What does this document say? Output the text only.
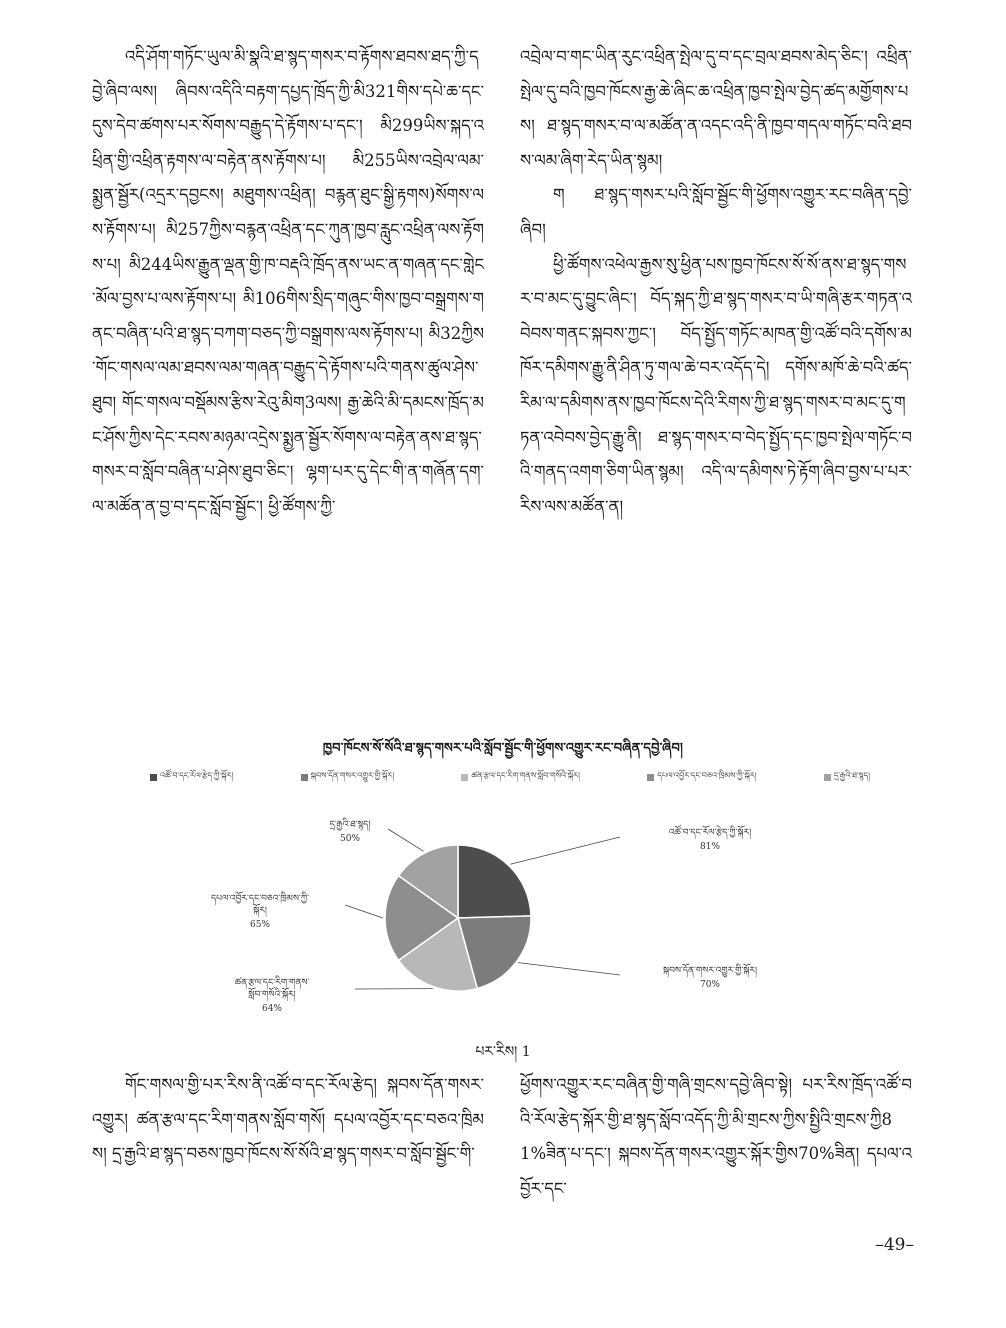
འདི་ཤོག་གཏོང་ཡུལ་མི་སྣའི་ཐ་སྙད་གསར་བ་རྟོགས་ཐབས་ཐད་ཀྱི་དབྱེ་ཞིབ་ལས། ཞིབས་འདིའི་བརྟག་དཔྱད་ཁྲོད་ཀྱི་མི321གིས་དཔེ་ཆ་དང་དུས་དེབ་ཚགས་པར་སོགས་བརྒྱུད་དེ་རྟོགས་པ་དང་། མི299ཡིས་སྐད་འཕྲིན་གྱི་འཕྲིན་རྟགས་ལ་བརྟེན་ནས་རྟོགས་པ། མི255ཡིས་འབྲེལ་ལམ་སྨྱན་སྦྱོར(འདྲར་དབྱངས། མཐུགས་འཕྲིན། བརྙན་ཐུང་སྒྱི་རྟགས)སོགས་ལས་རྟོགས་པ། མི257ཀྱིས་བརྙན་འཕྲིན་དང་ཀུན་ཁྱབ་རླུང་འཕྲིན་ལས་རྟོགས་པ། མི244ཡིས་རྒྱུན་ལྡན་གྱི་ཁ་བརྡའི་ཁྲོད་ནས་ཡང་ན་གཞན་དང་གླེང་མོལ་བྱས་པ་ལས་རྟོགས་པ། མི106གིས་སྲིད་གཞུང་གིས་ཁྱབ་བསྒྲགས་གནང་བཞིན་པའི་ཐ་སྙད་བཀག་བཅད་ཀྱི་བསྒྲགས་ལས་རྟོགས་པ། མི32ཀྱིས་གོང་གསལ་ལམ་ཐབས་ལམ་གཞན་བརྒྱུད་དེ་རྟོགས་པའི་གནས་ཚུལ་ཤེས་ཐུབ། གོང་གསལ་བསྡོམས་རྩིས་རེའུ་མིག3ལས། རྒྱ་ཆེའི་མི་དམངས་ཁྲོད་མང་ཤོས་ཀྱིས་དེང་རབས་མཉམ་འདྲེས་སྨྱན་སྦྱོར་སོགས་ལ་བརྟེན་ནས་ཐ་སྙད་གསར་བ་སློབ་བཞིན་པ་ཤེས་ཐུབ་ཅིང་། ལྷག་པར་དུ་དེང་གི་ན་གཞོན་དག་ལ་མཚོན་ན་བྱ་བ་དང་སློབ་སྦྱོང་། ཕྱི་ཚོགས་ཀྱི་

འབྲེལ་བ་གང་ཡིན་རུང་འཕྲིན་སྤེལ་དུ་བ་དང་བྲལ་ཐབས་མེད་ཅིང་། འཕྲིན་སྤེལ་དུ་བའི་ཁྱབ་ཁོངས་རྒྱ་ཆེ་ཞིང་ཆ་འཕྲིན་ཁྱབ་སྤེལ་བྱེད་ཚད་མགྱོགས་པས། ཐ་སྙད་གསར་བ་ལ་མཚོན་ན་འདང་འདི་ནི་ཁྱབ་གདལ་གཏོང་བའི་ཐབས་ལམ་ཞིག་རེད་ཡིན་སྙམ།

ག ཐ་སྙད་གསར་པའི་སློབ་སྦྱོང་གི་ཕྱོགས་འགྱུར་རང་བཞིན་དབྱེ་ཞིབ།

ཕྱི་ཚོགས་འཕེལ་རྒྱས་སུ་ཕྱིན་པས་ཁྱབ་ཁོངས་སོ་སོ་ནས་ཐ་སྙད་གསར་བ་མང་དུ་བྱུང་ཞིང་། བོད་སྐད་ཀྱི་ཐ་སྙད་གསར་བ་ཡི་གཞི་རྩར་གཏན་འབེབས་གནང་སྐབས་ཀྱང་། བོད་སྤྱོད་གཏོང་མཁན་གྱི་འཚོ་བའི་དགོས་མཁོར་དམིགས་རྒྱུ་ནི་ཤིན་ཏུ་གལ་ཆེ་བར་འདོད་དེ། དགོས་མཁོ་ཆེ་བའི་ཚད་རིམ་ལ་དམིགས་ནས་ཁྱབ་ཁོངས་དེའི་རིགས་ཀྱི་ཐ་སྙད་གསར་བ་མང་དུ་གཏན་འབེབས་བྱེད་རྒྱུ་ནི། ཐ་སྙད་གསར་བ་བེད་སྤྱོད་དང་ཁྱབ་སྤེལ་གཏོང་བའི་གནད་འགག་ཅིག་ཡིན་སྙམ། འདི་ལ་དམིགས་ཏེ་རྟོག་ཞིབ་བྱས་པ་པར་རིས་ལས་མཚོན་ན།

ཁྱབ་ཁོངས་སོ་སོའི་ཐ་སྙད་གསར་པའི་སློབ་སྦྱོང་གི་ཕྱོགས་འགྱུར་རང་བཞིན་དབྱེ་ཞིབ།
འཚོ་བ་དང་རོལ་རྩེད་ཀྱི་སྐོར།	སྐབས་དོན་གསར་འགྱུར་གྱི་སྐོར།	ཚན་རྩལ་དང་རིག་གནས་སློབ་གསོའི་སྐོར།	དཔལ་འབྱོར་དང་བཅའ་ཁྲིམས་ཀྱི་སྐོར།	དྲ་རྒྱའི་ཐ་སྙད།
འཚོ་བ་དང་རོལ་རྩེད་ཀྱི་སྐོར།
81%
སྐབས་དོན་གསར་འགྱུར་གྱི་སྐོར།
70%
ཚན་རྩལ་དང་རིག་གནས་
སློབ་གསོའི་སྐོར།
64%
དཔལ་འབྱོར་དང་བཅའ་ཁྲིམས་ཀྱི་
སྐོར།
65%
དྲ་རྒྱའི་ཐ་སྙད།
50%
པར་རིས། 1

གོང་གསལ་གྱི་པར་རིས་ནི་འཚོ་བ་དང་རོལ་རྩེད། སྐབས་དོན་གསར་འགྱུར། ཚན་རྩལ་དང་རིག་གནས་སློབ་གསོ། དཔལ་འབྱོར་དང་བཅའ་ཁྲིམས། དྲ་རྒྱའི་ཐ་སྙད་བཅས་ཁྱབ་ཁོངས་སོ་སོའི་ཐ་སྙད་གསར་བ་སློབ་སྦྱོང་གི་

ཕྱོགས་འགྱུར་རང་བཞིན་གྱི་གཞི་གྲངས་དབྱེ་ཞིབ་སྟེ། པར་རིས་ཁྲོད་འཚོ་བའི་རོལ་རྩེད་སྐོར་གྱི་ཐ་སྙད་སློབ་འདོད་ཀྱི་མི་གྲངས་ཀྱིས་སྤྱིའི་གྲངས་ཀྱི81%ཟིན་པ་དང་། སྐབས་དོན་གསར་འགྱུར་སྐོར་གྱིས70%ཟིན། དཔལ་འབྱོར་དང་

–49–
